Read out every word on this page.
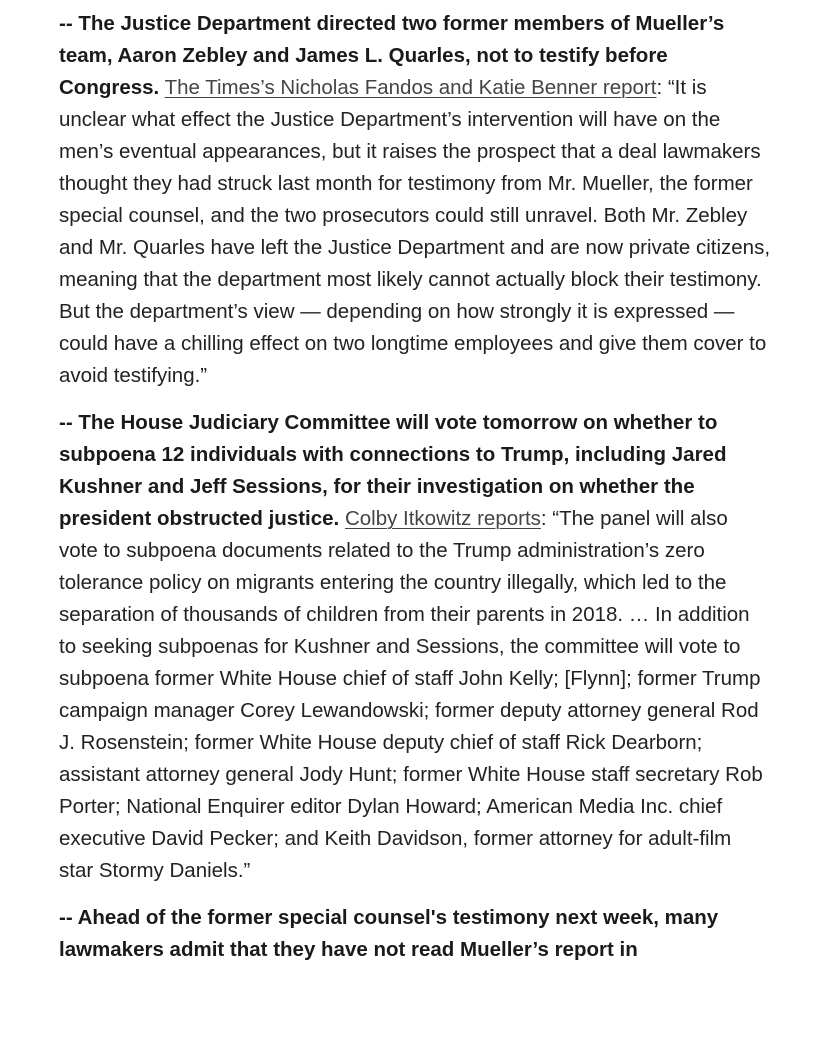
-- The Justice Department directed two former members of Mueller’s team, Aaron Zebley and James L. Quarles, not to testify before Congress. The Times’s Nicholas Fandos and Katie Benner report: “It is unclear what effect the Justice Department’s intervention will have on the men’s eventual appearances, but it raises the prospect that a deal lawmakers thought they had struck last month for testimony from Mr. Mueller, the former special counsel, and the two prosecutors could still unravel. Both Mr. Zebley and Mr. Quarles have left the Justice Department and are now private citizens, meaning that the department most likely cannot actually block their testimony. But the department’s view — depending on how strongly it is expressed — could have a chilling effect on two longtime employees and give them cover to avoid testifying.”

-- The House Judiciary Committee will vote tomorrow on whether to subpoena 12 individuals with connections to Trump, including Jared Kushner and Jeff Sessions, for their investigation on whether the president obstructed justice. Colby Itkowitz reports: “The panel will also vote to subpoena documents related to the Trump administration’s zero tolerance policy on migrants entering the country illegally, which led to the separation of thousands of children from their parents in 2018. … In addition to seeking subpoenas for Kushner and Sessions, the committee will vote to subpoena former White House chief of staff John Kelly; [Flynn]; former Trump campaign manager Corey Lewandowski; former deputy attorney general Rod J. Rosenstein; former White House deputy chief of staff Rick Dearborn; assistant attorney general Jody Hunt; former White House staff secretary Rob Porter; National Enquirer editor Dylan Howard; American Media Inc. chief executive David Pecker; and Keith Davidson, former attorney for adult-film star Stormy Daniels.”

-- Ahead of the former special counsel's testimony next week, many lawmakers admit that they have not read Mueller’s report in
